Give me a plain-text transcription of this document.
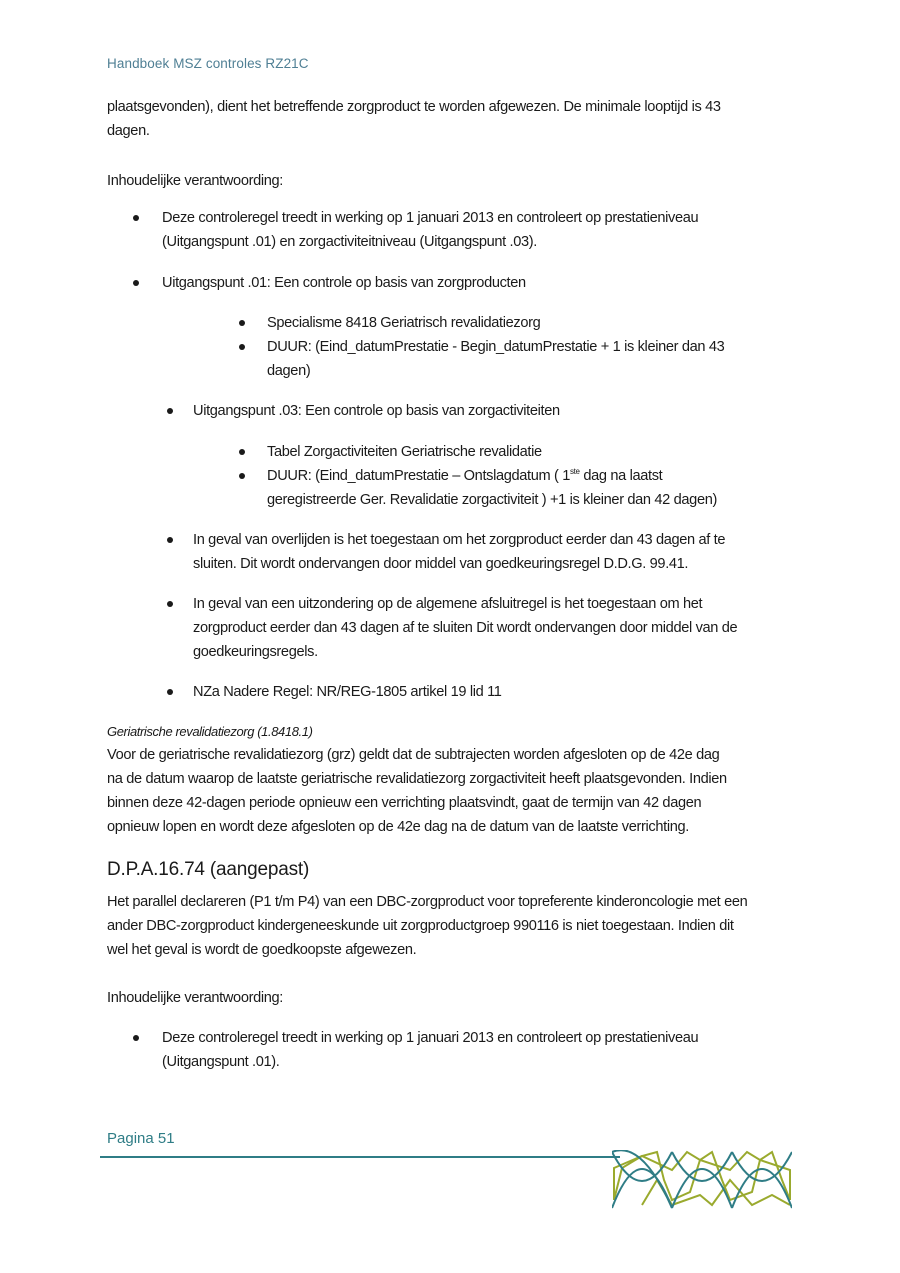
Handboek MSZ controles RZ21C
plaatsgevonden), dient het betreffende zorgproduct te worden afgewezen. De minimale looptijd is 43
dagen.
Inhoudelijke verantwoording:
Deze controleregel treedt in werking op 1 januari 2013 en controleert op prestatieniveau
(Uitgangspunt .01) en zorgactiviteitniveau (Uitgangspunt .03).
Uitgangspunt .01: Een controle op basis van zorgproducten
Specialisme 8418 Geriatrisch revalidatiezorg
DUUR: (Eind_datumPrestatie - Begin_datumPrestatie + 1 is kleiner dan 43
dagen)
Uitgangspunt .03: Een controle op basis van zorgactiviteiten
Tabel Zorgactiviteiten Geriatrische revalidatie
DUUR: (Eind_datumPrestatie – Ontslagdatum ( 1ste dag na laatst
geregistreerde Ger. Revalidatie zorgactiviteit ) +1 is kleiner dan 42 dagen)
In geval van overlijden is het toegestaan om het zorgproduct eerder dan 43 dagen af te
sluiten. Dit wordt ondervangen door middel van goedkeuringsregel D.D.G. 99.41.
In geval van een uitzondering op de algemene afsluitregel is het toegestaan om het
zorgproduct eerder dan 43 dagen af te sluiten Dit wordt ondervangen door middel van de
goedkeuringsregels.
NZa Nadere Regel: NR/REG-1805 artikel 19 lid 11
Geriatrische revalidatiezorg (1.8418.1)
Voor de geriatrische revalidatiezorg (grz) geldt dat de subtrajecten worden afgesloten op de 42e dag
na de datum waarop de laatste geriatrische revalidatiezorg zorgactiviteit heeft plaatsgevonden. Indien
binnen deze 42-dagen periode opnieuw een verrichting plaatsvindt, gaat de termijn van 42 dagen
opnieuw lopen en wordt deze afgesloten op de 42e dag na de datum van de laatste verrichting.
D.P.A.16.74 (aangepast)
Het parallel declareren (P1 t/m P4) van een DBC-zorgproduct voor topreferente kinderoncologie met een
ander DBC-zorgproduct kindergeneeskunde uit zorgproductgroep 990116 is niet toegestaan. Indien dit
wel het geval is wordt de goedkoopste afgewezen.
Inhoudelijke verantwoording:
Deze controleregel treedt in werking op 1 januari 2013 en controleert op prestatieniveau
(Uitgangspunt .01).
Pagina 51
